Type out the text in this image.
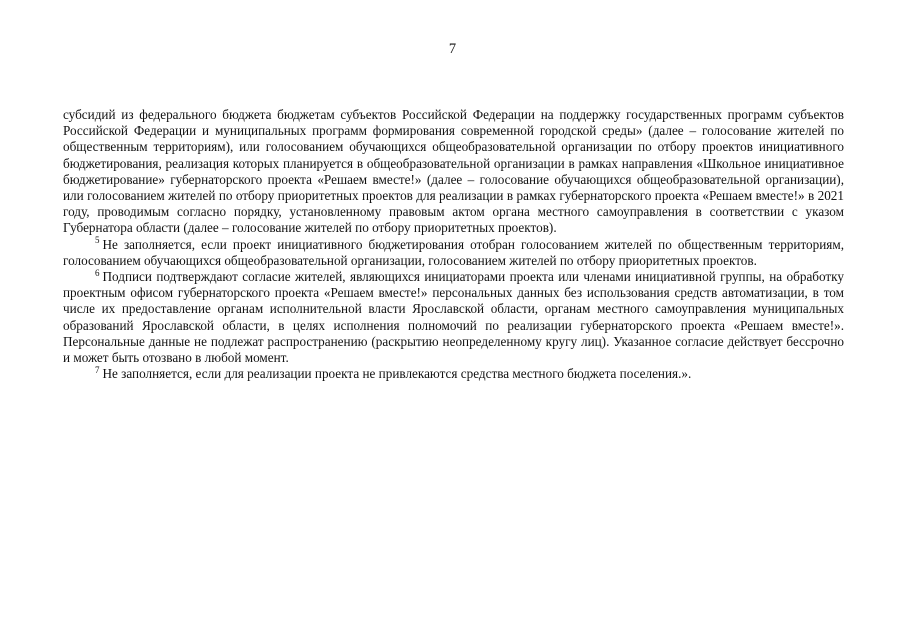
7

субсидий из федерального бюджета бюджетам субъектов Российской Федерации на поддержку государственных программ субъектов Российской Федерации и муниципальных программ формирования современной городской среды» (далее – голосование жителей по общественным территориям), или голосованием обучающихся общеобразовательной организации по отбору проектов инициативного бюджетирования, реализация которых планируется в общеобразовательной организации в рамках направления «Школьное инициативное бюджетирование» губернаторского проекта «Решаем вместе!» (далее – голосование обучающихся общеобразовательной организации), или голосованием жителей по отбору приоритетных проектов для реализации в рамках губернаторского проекта «Решаем вместе!» в 2021 году, проводимым согласно порядку, установленному правовым актом органа местного самоуправления в соответствии с указом Губернатора области (далее – голосование жителей по отбору приоритетных проектов).

$^5$ Не заполняется, если проект инициативного бюджетирования отобран голосованием жителей по общественным территориям, голосованием обучающихся общеобразовательной организации, голосованием жителей по отбору приоритетных проектов.

$^6$ Подписи подтверждают согласие жителей, являющихся инициаторами проекта или членами инициативной группы, на обработку проектным офисом губернаторского проекта «Решаем вместе!» персональных данных без использования средств автоматизации, в том числе их предоставление органам исполнительной власти Ярославской области, органам местного самоуправления муниципальных образований Ярославской области, в целях исполнения полномочий по реализации губернаторского проекта «Решаем вместе!». Персональные данные не подлежат распространению (раскрытию неопределенному кругу лиц). Указанное согласие действует бессрочно и может быть отозвано в любой момент.

$^7$ Не заполняется, если для реализации проекта не привлекаются средства местного бюджета поселения.».
